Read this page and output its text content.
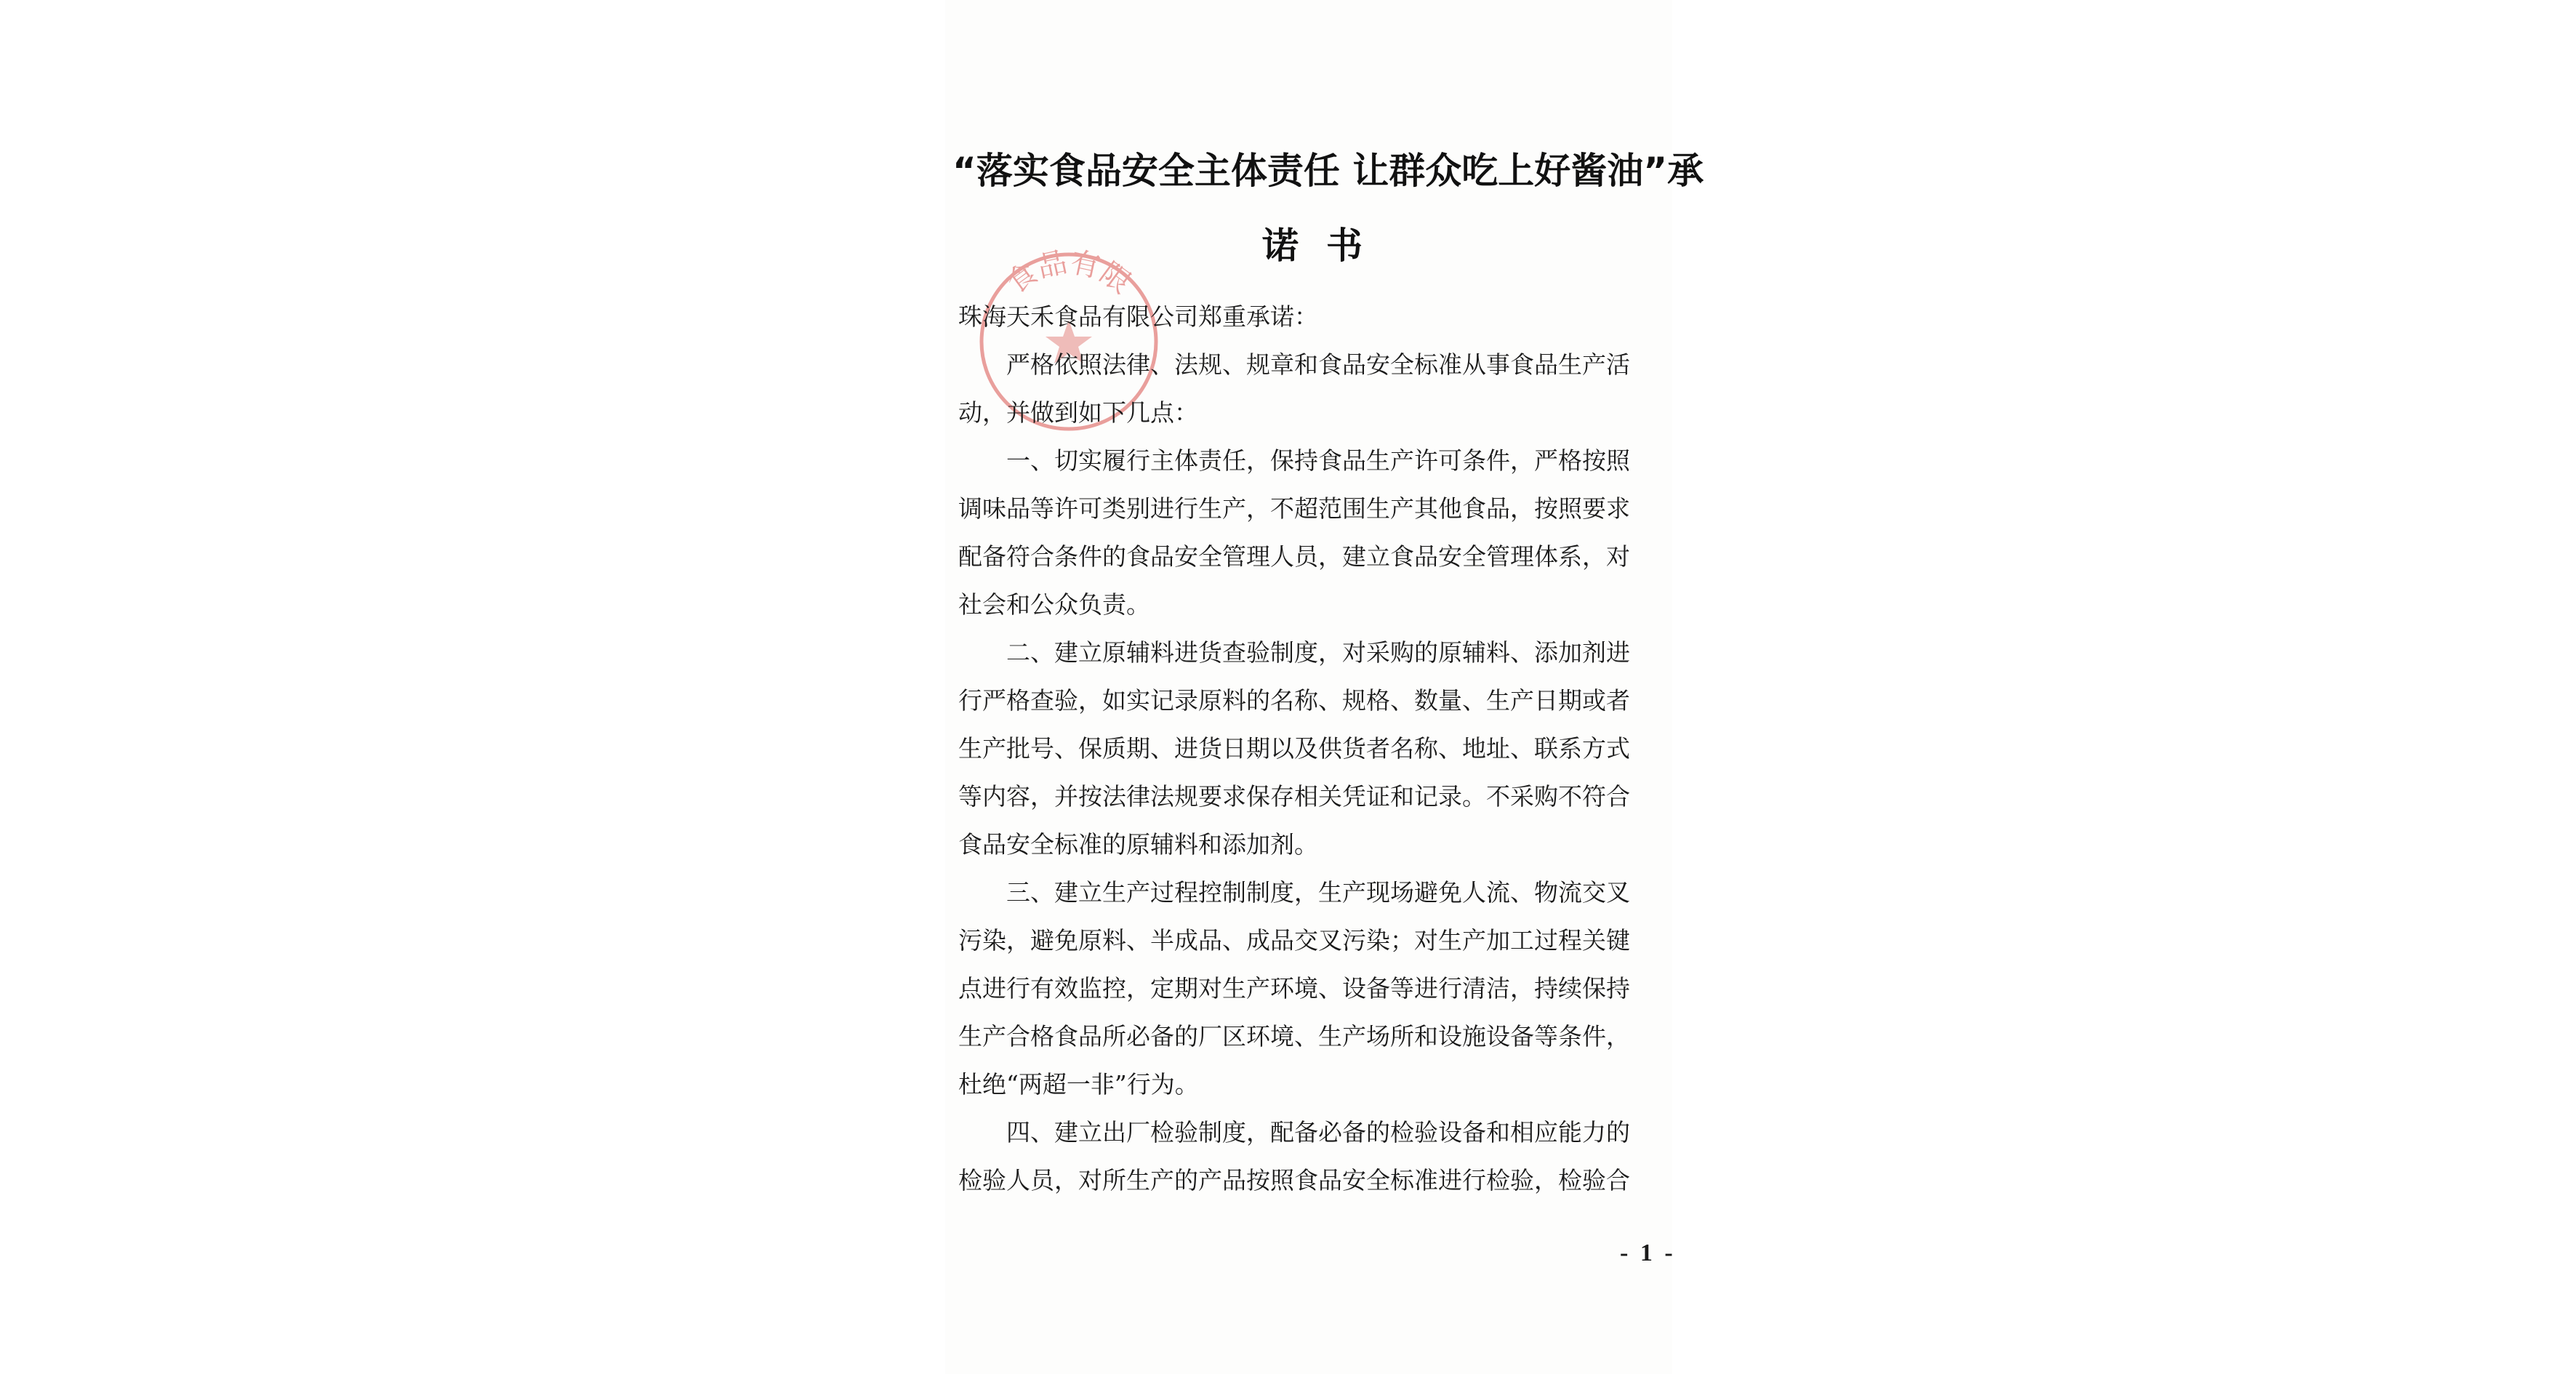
食品有限
“落实食品安全主体责任 让群众吃上好酱油”承
诺书
珠海天禾食品有限公司郑重承诺：
严格依照法律、法规、规章和食品安全标准从事食品生产活
动，并做到如下几点：
一、切实履行主体责任，保持食品生产许可条件，严格按照
调味品等许可类别进行生产，不超范围生产其他食品，按照要求
配备符合条件的食品安全管理人员，建立食品安全管理体系，对
社会和公众负责。
二、建立原辅料进货查验制度，对采购的原辅料、添加剂进
行严格查验，如实记录原料的名称、规格、数量、生产日期或者
生产批号、保质期、进货日期以及供货者名称、地址、联系方式
等内容，并按法律法规要求保存相关凭证和记录。不采购不符合
食品安全标准的原辅料和添加剂。
三、建立生产过程控制制度，生产现场避免人流、物流交叉
污染，避免原料、半成品、成品交叉污染；对生产加工过程关键
点进行有效监控，定期对生产环境、设备等进行清洁，持续保持
生产合格食品所必备的厂区环境、生产场所和设施设备等条件，
杜绝“两超一非”行为。
四、建立出厂检验制度，配备必备的检验设备和相应能力的
检验人员，对所生产的产品按照食品安全标准进行检验，检验合
- 1 -
